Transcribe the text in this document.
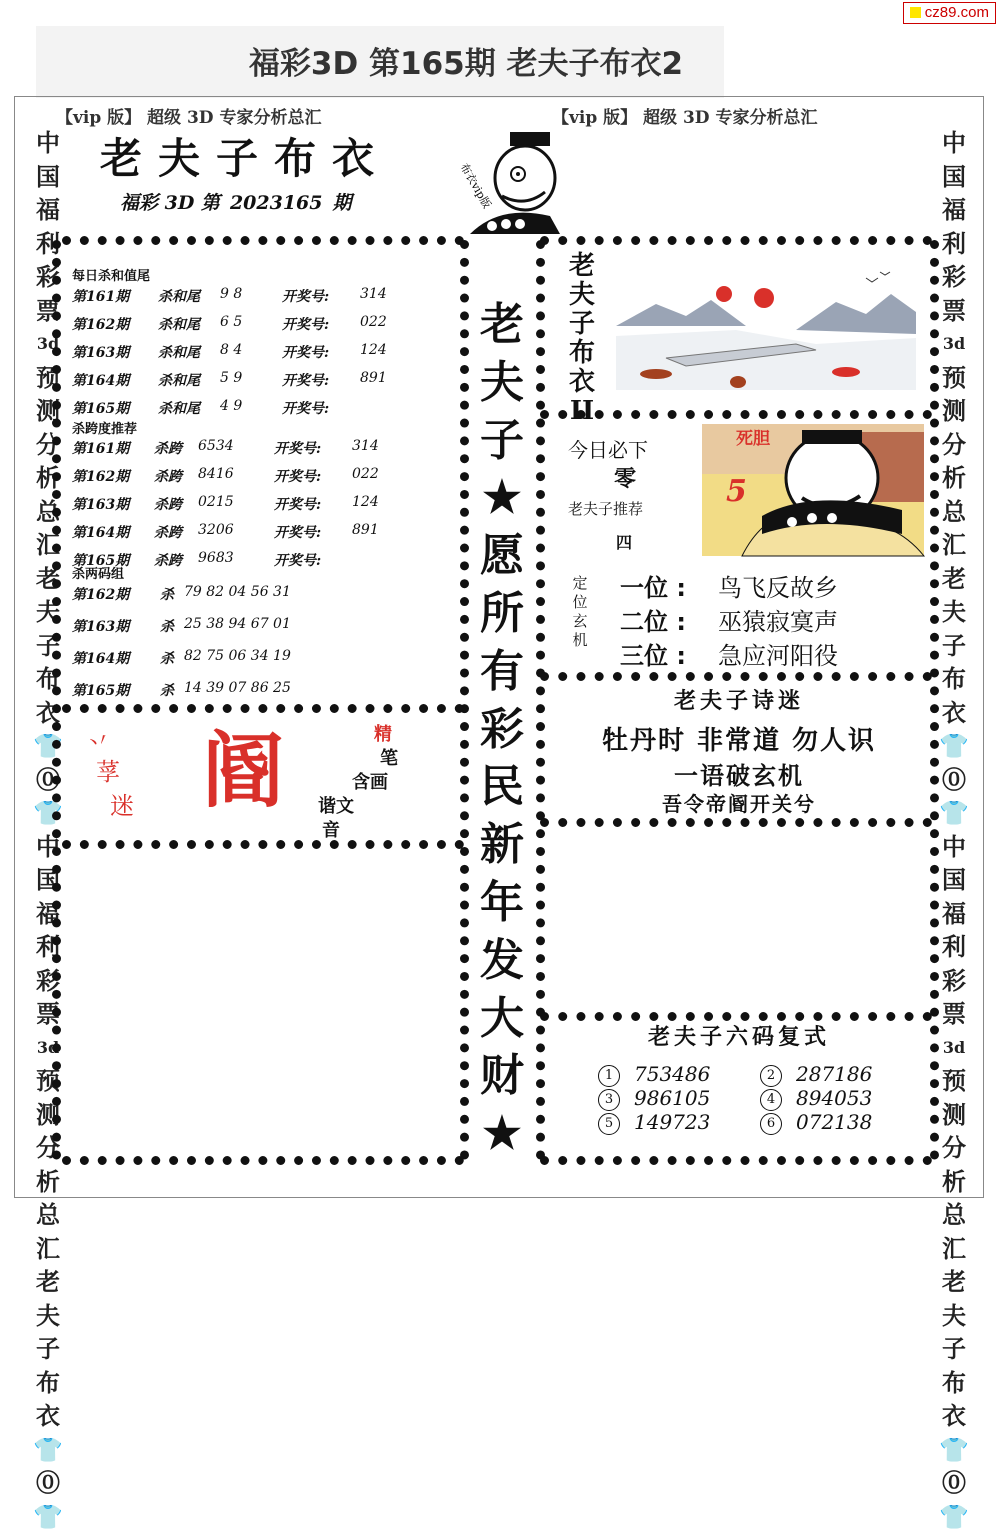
cz89.com
福彩3D 第165期 老夫子布衣2
【vip 版】 超级 3D 专家分析总汇	【vip 版】 超级 3D 专家分析总汇
中
国
福
利
彩
票
3d
预
测
分
析
总
汇
老
夫
子
布
衣
👕
⓪
👕
中
国
福
利
彩
票
3d
预
测
分
析
总
汇
老
夫
子
布
衣
👕
⓪
👕
中
国
福
利
彩
票
3d
预
测
分
析
总
汇
老
夫
子
布
衣
👕
⓪
👕
中
国
福
利
彩
票
3d
预
测
分
析
总
汇
老
夫
子
布
衣
👕
⓪
👕
老夫子布衣
福彩 3D 第 2023165 期	布衣vip版
每日杀和值尾
第161期 杀和尾 9 8	开奖号: 314
第162期 杀和尾 6 5	开奖号: 022
第163期 杀和尾 8 4	开奖号: 124
第164期 杀和尾 5 9	开奖号: 891
第165期 杀和尾 4 9	开奖号:
杀跨度推荐
第161期 杀跨 6534	开奖号: 314
第162期 杀跨 8416	开奖号: 022
第163期 杀跨 0215	开奖号: 124
第164期 杀跨 3206	开奖号: 891
第165期 杀跨 9683	开奖号:
杀两码组
第162期 杀 79 82 04 56 31
第163期 杀 25 38 94 67 01
第164期 杀 82 75 06 34 19
第165期 杀 14 39 07 86 25
丷
莩
迷 阍	精
笔
含画
谐文
音
老
夫
子
★
愿
所
有
彩
民
新
年
发
大
财
★
老
夫
子
布
衣
II
今日必下
零
老夫子推荐
四
死胆
5
定
位
玄
机
一位 : 鸟飞反故乡
二位 : 巫猿寂寞声
三位 : 急应河阳役
老夫子诗迷
牡丹时 非常道 勿人识
一语破玄机
吾令帝阍开关兮
老夫子六码复式
1 753486	2 287186
3 986105	4 894053
5 149723	6 072138
